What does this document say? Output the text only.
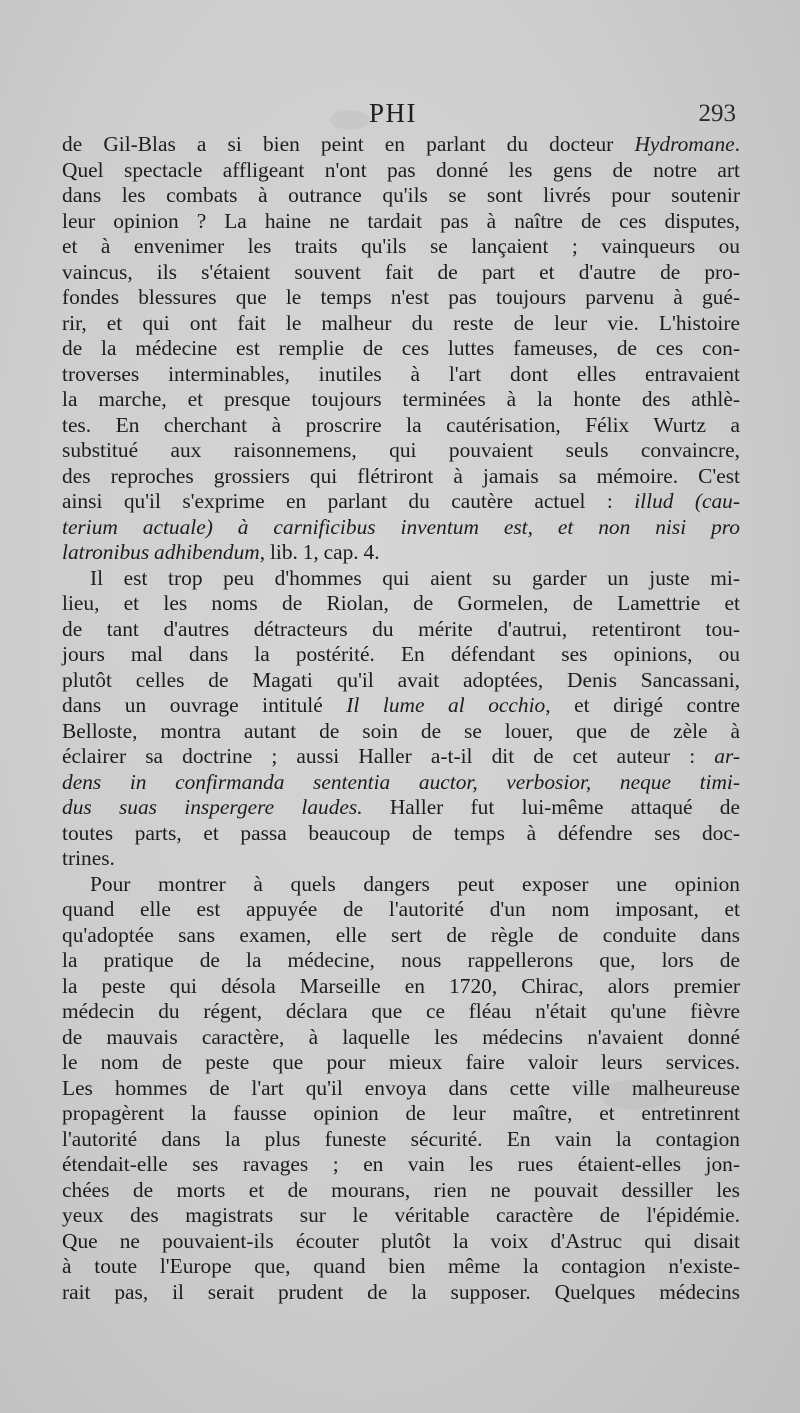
PHI	293
de Gil-Blas a si bien peint en parlant du docteur Hydromane.
Quel spectacle affligeant n'ont pas donné les gens de notre art
dans les combats à outrance qu'ils se sont livrés pour soutenir
leur opinion ? La haine ne tardait pas à naître de ces disputes,
et à envenimer les traits qu'ils se lançaient ; vainqueurs ou
vaincus, ils s'étaient souvent fait de part et d'autre de pro-
fondes blessures que le temps n'est pas toujours parvenu à gué-
rir, et qui ont fait le malheur du reste de leur vie. L'histoire
de la médecine est remplie de ces luttes fameuses, de ces con-
troverses interminables, inutiles à l'art dont elles entravaient
la marche, et presque toujours terminées à la honte des athlè-
tes. En cherchant à proscrire la cautérisation, Félix Wurtz a
substitué aux raisonnemens, qui pouvaient seuls convaincre,
des reproches grossiers qui flétriront à jamais sa mémoire. C'est
ainsi qu'il s'exprime en parlant du cautère actuel : illud (cau-
terium actuale) à carnificibus inventum est, et non nisi pro
latronibus adhibendum, lib. 1, cap. 4.
Il est trop peu d'hommes qui aient su garder un juste mi-
lieu, et les noms de Riolan, de Gormelen, de Lamettrie et
de tant d'autres détracteurs du mérite d'autrui, retentiront tou-
jours mal dans la postérité. En défendant ses opinions, ou
plutôt celles de Magati qu'il avait adoptées, Denis Sancassani,
dans un ouvrage intitulé Il lume al occhio, et dirigé contre
Belloste, montra autant de soin de se louer, que de zèle à
éclairer sa doctrine ; aussi Haller a-t-il dit de cet auteur : ar-
dens in confirmanda sententia auctor, verbosior, neque timi-
dus suas inspergere laudes. Haller fut lui-même attaqué de
toutes parts, et passa beaucoup de temps à défendre ses doc-
trines.
Pour montrer à quels dangers peut exposer une opinion
quand elle est appuyée de l'autorité d'un nom imposant, et
qu'adoptée sans examen, elle sert de règle de conduite dans
la pratique de la médecine, nous rappellerons que, lors de
la peste qui désola Marseille en 1720, Chirac, alors premier
médecin du régent, déclara que ce fléau n'était qu'une fièvre
de mauvais caractère, à laquelle les médecins n'avaient donné
le nom de peste que pour mieux faire valoir leurs services.
Les hommes de l'art qu'il envoya dans cette ville malheureuse
propagèrent la fausse opinion de leur maître, et entretinrent
l'autorité dans la plus funeste sécurité. En vain la contagion
étendait-elle ses ravages ; en vain les rues étaient-elles jon-
chées de morts et de mourans, rien ne pouvait dessiller les
yeux des magistrats sur le véritable caractère de l'épidémie.
Que ne pouvaient-ils écouter plutôt la voix d'Astruc qui disait
à toute l'Europe que, quand bien même la contagion n'existe-
rait pas, il serait prudent de la supposer. Quelques médecins
